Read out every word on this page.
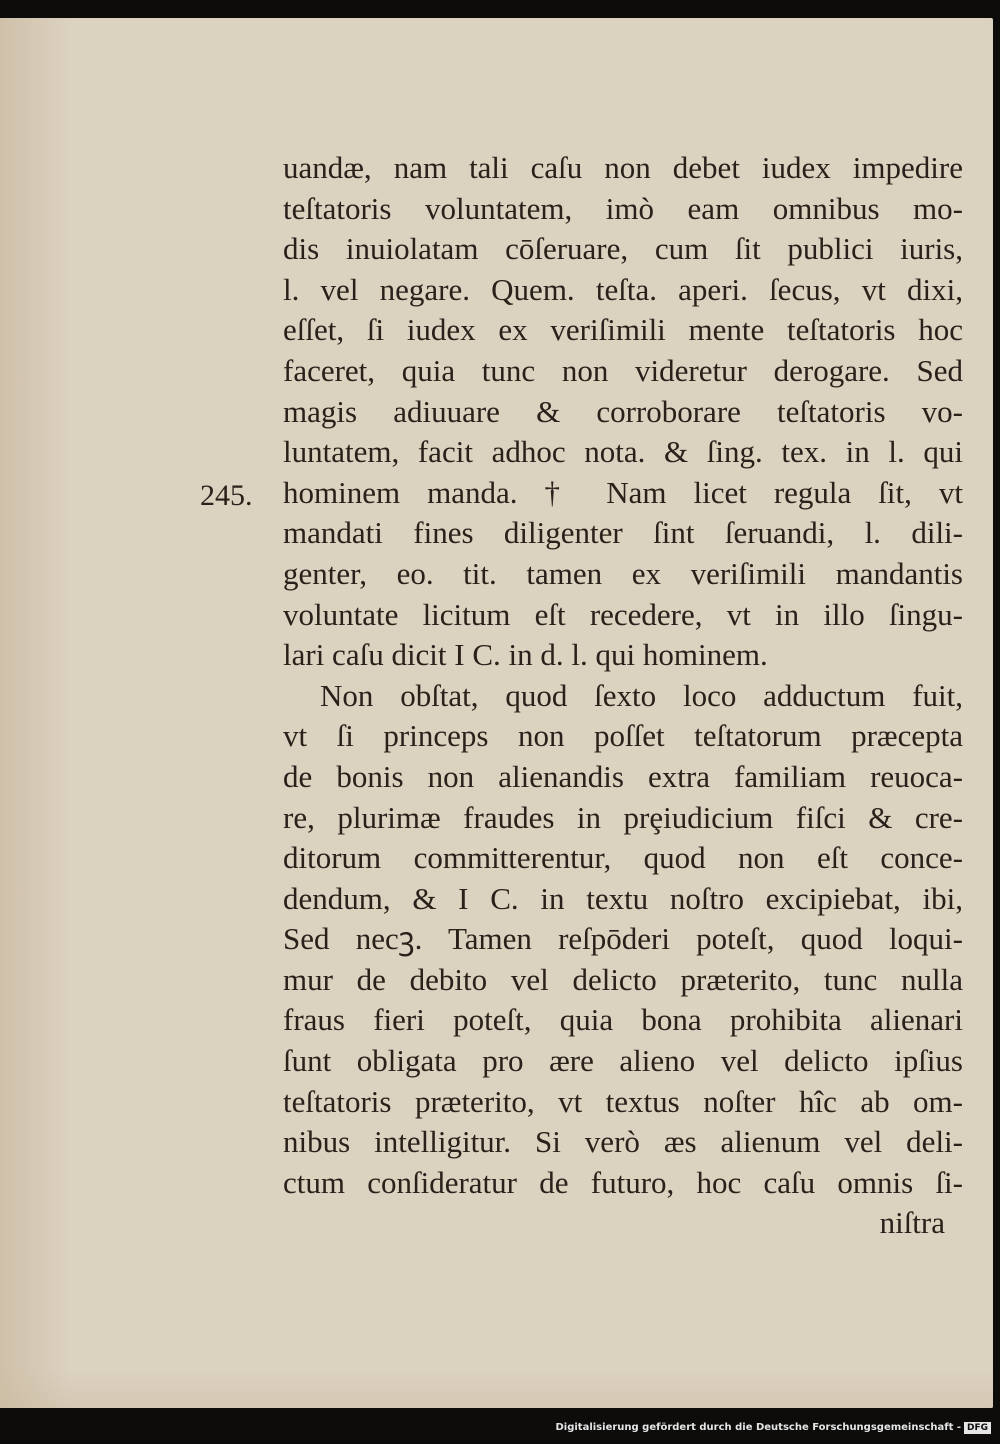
245.
uandæ, nam tali caſu non debet iudex impedire
teſtatoris voluntatem, imò eam omnibus mo-
dis inuiolatam cōſeruare, cum ſit publici iuris,
l. vel negare. Quem. teſta. aperi. ſecus, vt dixi,
eſſet, ſi iudex ex veriſimili mente teſtatoris hoc
faceret, quia tunc non videretur derogare. Sed
magis adiuuare & corroborare teſtatoris vo-
luntatem, facit adhoc nota. & ſing. tex. in l. qui
hominem manda. † Nam licet regula ſit, vt
mandati fines diligenter ſint ſeruandi, l. dili-
genter, eo. tit. tamen ex veriſimili mandantis
voluntate licitum eſt recedere, vt in illo ſingu-
lari caſu dicit I C. in d. l. qui hominem.
Non obſtat, quod ſexto loco adductum fuit,
vt ſi princeps non poſſet teſtatorum præcepta
de bonis non alienandis extra familiam reuoca-
re, plurimæ fraudes in prȩiudicium fiſci & cre-
ditorum committerentur, quod non eſt conce-
dendum, & I C. in textu noſtro excipiebat, ibi,
Sed necꝫ. Tamen reſpōderi poteſt, quod loqui-
mur de debito vel delicto præterito, tunc nulla
fraus fieri poteſt, quia bona prohibita alienari
ſunt obligata pro ære alieno vel delicto ipſius
teſtatoris præterito, vt textus noſter hîc ab om-
nibus intelligitur. Si verò æs alienum vel deli-
ctum conſideratur de futuro, hoc caſu omnis ſi-
niſtra
Digitalisierung gefördert durch die Deutsche Forschungsgemeinschaft - DFG
